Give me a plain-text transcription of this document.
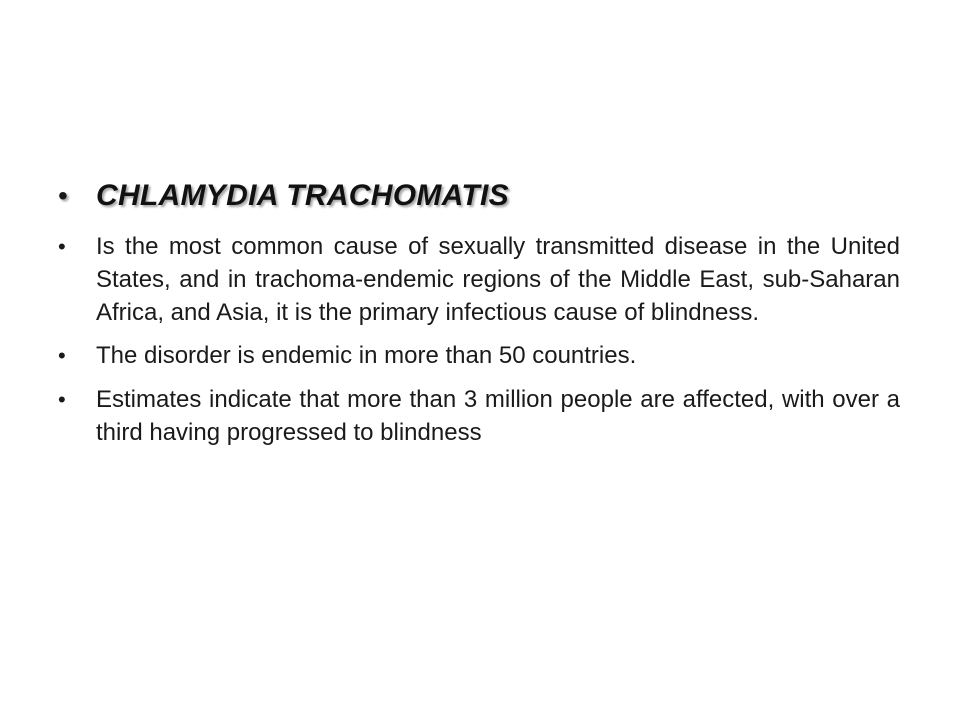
• CHLAMYDIA TRACHOMATIS
•	Is the most common cause of sexually transmitted disease in the United States, and in trachoma-endemic regions of the Middle East, sub-Saharan Africa, and Asia, it is the primary infectious cause of blindness.
•	The disorder is endemic in more than 50 countries.
•	Estimates indicate that more than 3 million people are affected, with over a third having progressed to blindness
